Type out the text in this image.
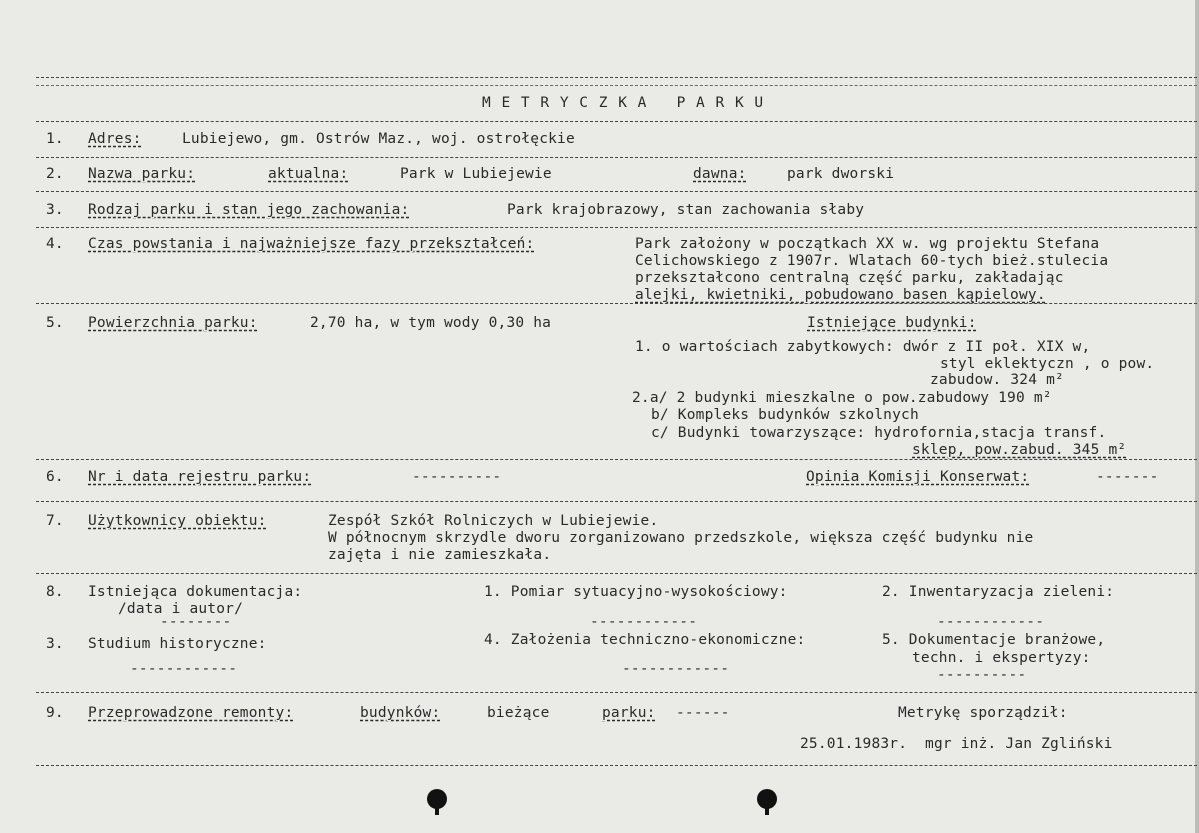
M E T R Y C Z K A   P A R K U
1. Adres:	Lubiejewo, gm. Ostrów Maz., woj. ostrołęckie
2. Nazwa parku:	aktualna:	Park w Lubiejewie	dawna:	park dworski
3. Rodzaj parku i stan jego zachowania:	Park krajobrazowy, stan zachowania słaby
4. Czas powstania i najważniejsze fazy przekształceń:	Park założony w początkach XX w. wg projektu Stefana
Celichowskiego z 1907r. Wlatach 60-tych bież.stulecia
przekształcono centralną część parku, zakładając
alejki, kwietniki, pobudowano basen kąpielowy.
5. Powierzchnia parku:	2,70 ha, w tym wody 0,30 ha	Istniejące budynki:
1. o wartościach zabytkowych: dwór z II poł. XIX w,
styl eklektyczn , o pow.
zabudow. 324 m²
2.a/ 2 budynki mieszkalne o pow.zabudowy 190 m²
b/ Kompleks budynków szkolnych
c/ Budynki towarzyszące: hydrofornia,stacja transf.
sklep, pow.zabud. 345 m²
6. Nr i data rejestru parku:	----------	Opinia Komisji Konserwat:	-------
7. Użytkownicy obiektu:	Zespół Szkół Rolniczych w Lubiejewie.
W północnym skrzydle dworu zorganizowano przedszkole, większa część budynku nie
zajęta i nie zamieszkała.
8. Istniejąca dokumentacja:
/data i autor/
--------
1. Pomiar sytuacyjno-wysokościowy:
------------
2. Inwentaryzacja zieleni:
------------
3. Studium historyczne:
------------
4. Założenia techniczno-ekonomiczne:
------------
5. Dokumentacje branżowe,
techn. i ekspertyzy:
----------
9. Przeprowadzone remonty:	budynków:	bieżące	parku: ------	Metrykę sporządził:
25.01.1983r.  mgr inż. Jan Zgliński
